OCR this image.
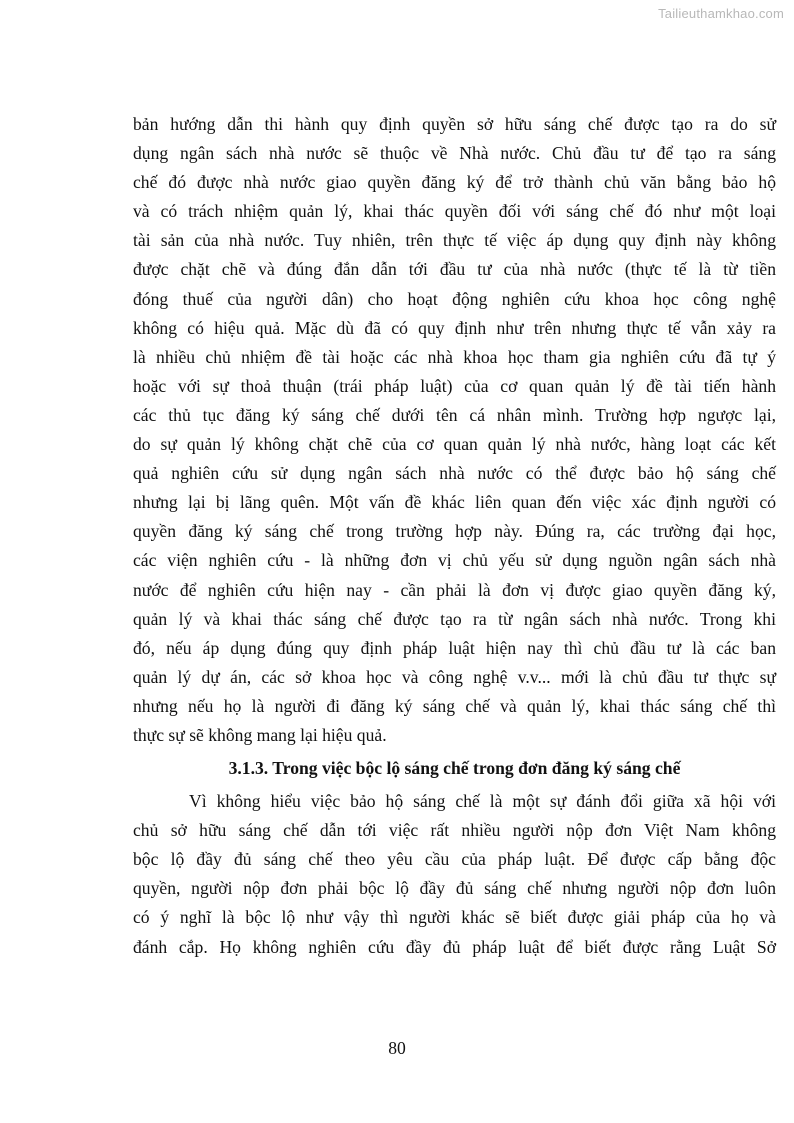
Tailieuthamkhao.com
bản hướng dẫn thi hành quy định quyền sở hữu sáng chế được tạo ra do sử
dụng ngân sách nhà nước sẽ thuộc về Nhà nước. Chủ đầu tư để tạo ra sáng
chế đó được nhà nước giao quyền đăng ký để trở thành chủ văn bằng bảo hộ
và có trách nhiệm quản lý, khai thác quyền đối với sáng chế đó như một loại
tài sản của nhà nước. Tuy nhiên, trên thực tế việc áp dụng quy định này không
được chặt chẽ và đúng đắn dẫn tới đầu tư của nhà nước (thực tế là từ tiền
đóng thuế của người dân) cho hoạt động nghiên cứu khoa học công nghệ
không có hiệu quả. Mặc dù đã có quy định như trên nhưng thực tế vẫn xảy ra
là nhiều chủ nhiệm đề tài hoặc các nhà khoa học tham gia nghiên cứu đã tự ý
hoặc với sự thoả thuận (trái pháp luật) của cơ quan quản lý đề tài tiến hành
các thủ tục đăng ký sáng chế dưới tên cá nhân mình. Trường hợp ngược lại,
do sự quản lý không chặt chẽ của cơ quan quản lý nhà nước, hàng loạt các kết
quả nghiên cứu sử dụng ngân sách nhà nước có thể được bảo hộ sáng chế
nhưng lại bị lãng quên. Một vấn đề khác liên quan đến việc xác định người có
quyền đăng ký sáng chế trong trường hợp này. Đúng ra, các trường đại học,
các viện nghiên cứu - là những đơn vị chủ yếu sử dụng nguồn ngân sách nhà
nước để nghiên cứu hiện nay - cần phải là đơn vị được giao quyền đăng ký,
quản lý và khai thác sáng chế được tạo ra từ ngân sách nhà nước. Trong khi
đó, nếu áp dụng đúng quy định pháp luật hiện nay thì chủ đầu tư là các ban
quản lý dự án, các sở khoa học và công nghệ v.v... mới là chủ đầu tư thực sự
nhưng nếu họ là người đi đăng ký sáng chế và quản lý, khai thác sáng chế thì
thực sự sẽ không mang lại hiệu quả.
3.1.3. Trong việc bộc lộ sáng chế trong đơn đăng ký sáng chế
Vì không hiểu việc bảo hộ sáng chế là một sự đánh đổi giữa xã hội với
chủ sở hữu sáng chế dẫn tới việc rất nhiều người nộp đơn Việt Nam không
bộc lộ đầy đủ sáng chế theo yêu cầu của pháp luật. Để được cấp bằng độc
quyền, người nộp đơn phải bộc lộ đầy đủ sáng chế nhưng người nộp đơn luôn
có ý nghĩ là bộc lộ như vậy thì người khác sẽ biết được giải pháp của họ và
đánh cắp. Họ không nghiên cứu đầy đủ pháp luật để biết được rằng Luật Sở
80
